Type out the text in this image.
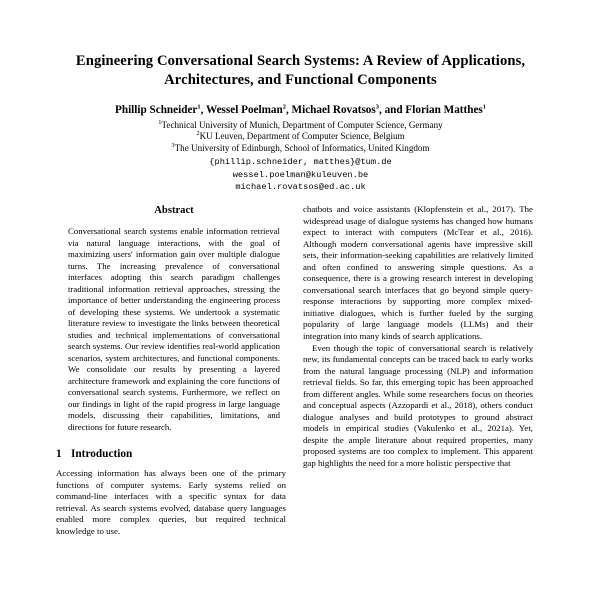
Engineering Conversational Search Systems: A Review of Applications,
Architectures, and Functional Components
Phillip Schneider$^1$, Wessel Poelman$^2$, Michael Rovatsos$^3$, and Florian Matthes$^1$
$^1$Technical University of Munich, Department of Computer Science, Germany
$^2$KU Leuven, Department of Computer Science, Belgium
$^3$The University of Edinburgh, School of Informatics, United Kingdom
{phillip.schneider, matthes}@tum.de
wessel.poelman@kuleuven.be
michael.rovatsos@ed.ac.uk
Abstract

Conversational search systems enable information retrieval via natural language interactions, with the goal of maximizing users' information gain over multiple dialogue turns. The increasing prevalence of conversational interfaces adopting this search paradigm challenges traditional information retrieval approaches, stressing the importance of better understanding the engineering process of developing these systems. We undertook a systematic literature review to investigate the links between theoretical studies and technical implementations of conversational search systems. Our review identifies real-world application scenarios, system architectures, and functional components. We consolidate our results by presenting a layered architecture framework and explaining the core functions of conversational search systems. Furthermore, we reflect on our findings in light of the rapid progress in large language models, discussing their capabilities, limitations, and directions for future research.

1 Introduction

Accessing information has always been one of the primary functions of computer systems. Early systems relied on command-line interfaces with a specific syntax for data retrieval. As search systems evolved, database query languages enabled more complex queries, but required technical knowledge to use.

chatbots and voice assistants (Klopfenstein et al., 2017). The widespread usage of dialogue systems has changed how humans expect to interact with computers (McTear et al., 2016). Although modern conversational agents have impressive skill sets, their information-seeking capabilities are relatively limited and often confined to answering simple questions. As a consequence, there is a growing research interest in developing conversational search interfaces that go beyond simple query-response interactions by supporting more complex mixed-initiative dialogues, which is further fueled by the surging popularity of large language models (LLMs) and their integration into many kinds of search applications.

Even though the topic of conversational search is relatively new, its fundamental concepts can be traced back to early works from the natural language processing (NLP) and information retrieval fields. So far, this emerging topic has been approached from different angles. While some researchers focus on theories and conceptual aspects (Azzopardi et al., 2018), others conduct dialogue analyses and build prototypes to ground abstract models in empirical studies (Vakulenko et al., 2021a). Yet, despite the ample literature about required properties, many proposed systems are too complex to implement. This apparent gap highlights the need for a more holistic perspective that
